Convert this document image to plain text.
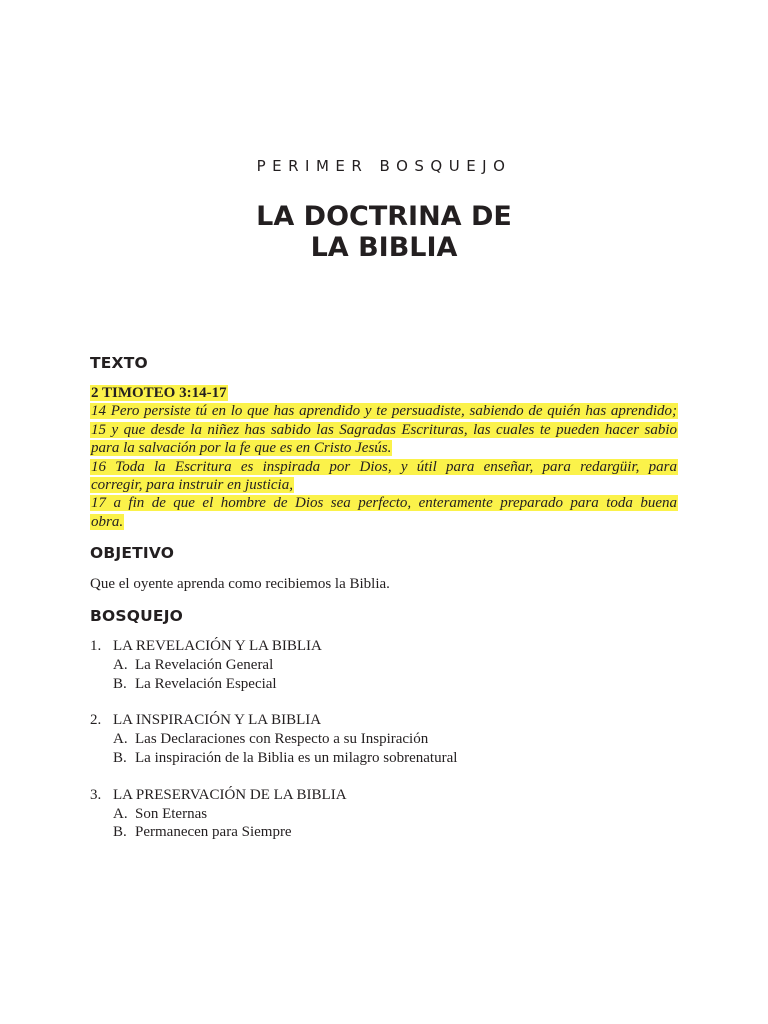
PERIMER BOSQUEJO
LA DOCTRINA DE
LA BIBLIA
TEXTO
2 TIMOTEO 3:14-17
14 Pero persiste tú en lo que has aprendido y te persuadiste, sabiendo de quién has aprendido;
15 y que desde la niñez has sabido las Sagradas Escrituras, las cuales te pueden hacer sabio
para la salvación por la fe que es en Cristo Jesús.
16 Toda la Escritura es inspirada por Dios, y útil para enseñar, para redargüir, para
corregir, para instruir en justicia,
17 a fin de que el hombre de Dios sea perfecto, enteramente preparado para toda buena
obra.
OBJETIVO
Que el oyente aprenda como recibiemos la Biblia.
BOSQUEJO
1. LA REVELACIÓN Y LA BIBLIA
A. La Revelación General
B. La Revelación Especial
2. LA INSPIRACIÓN Y LA BIBLIA
A. Las Declaraciones con Respecto a su Inspiración
B. La inspiración de la Biblia es un milagro sobrenatural
3. LA PRESERVACIÓN DE LA BIBLIA
A. Son Eternas
B. Permanecen para Siempre
